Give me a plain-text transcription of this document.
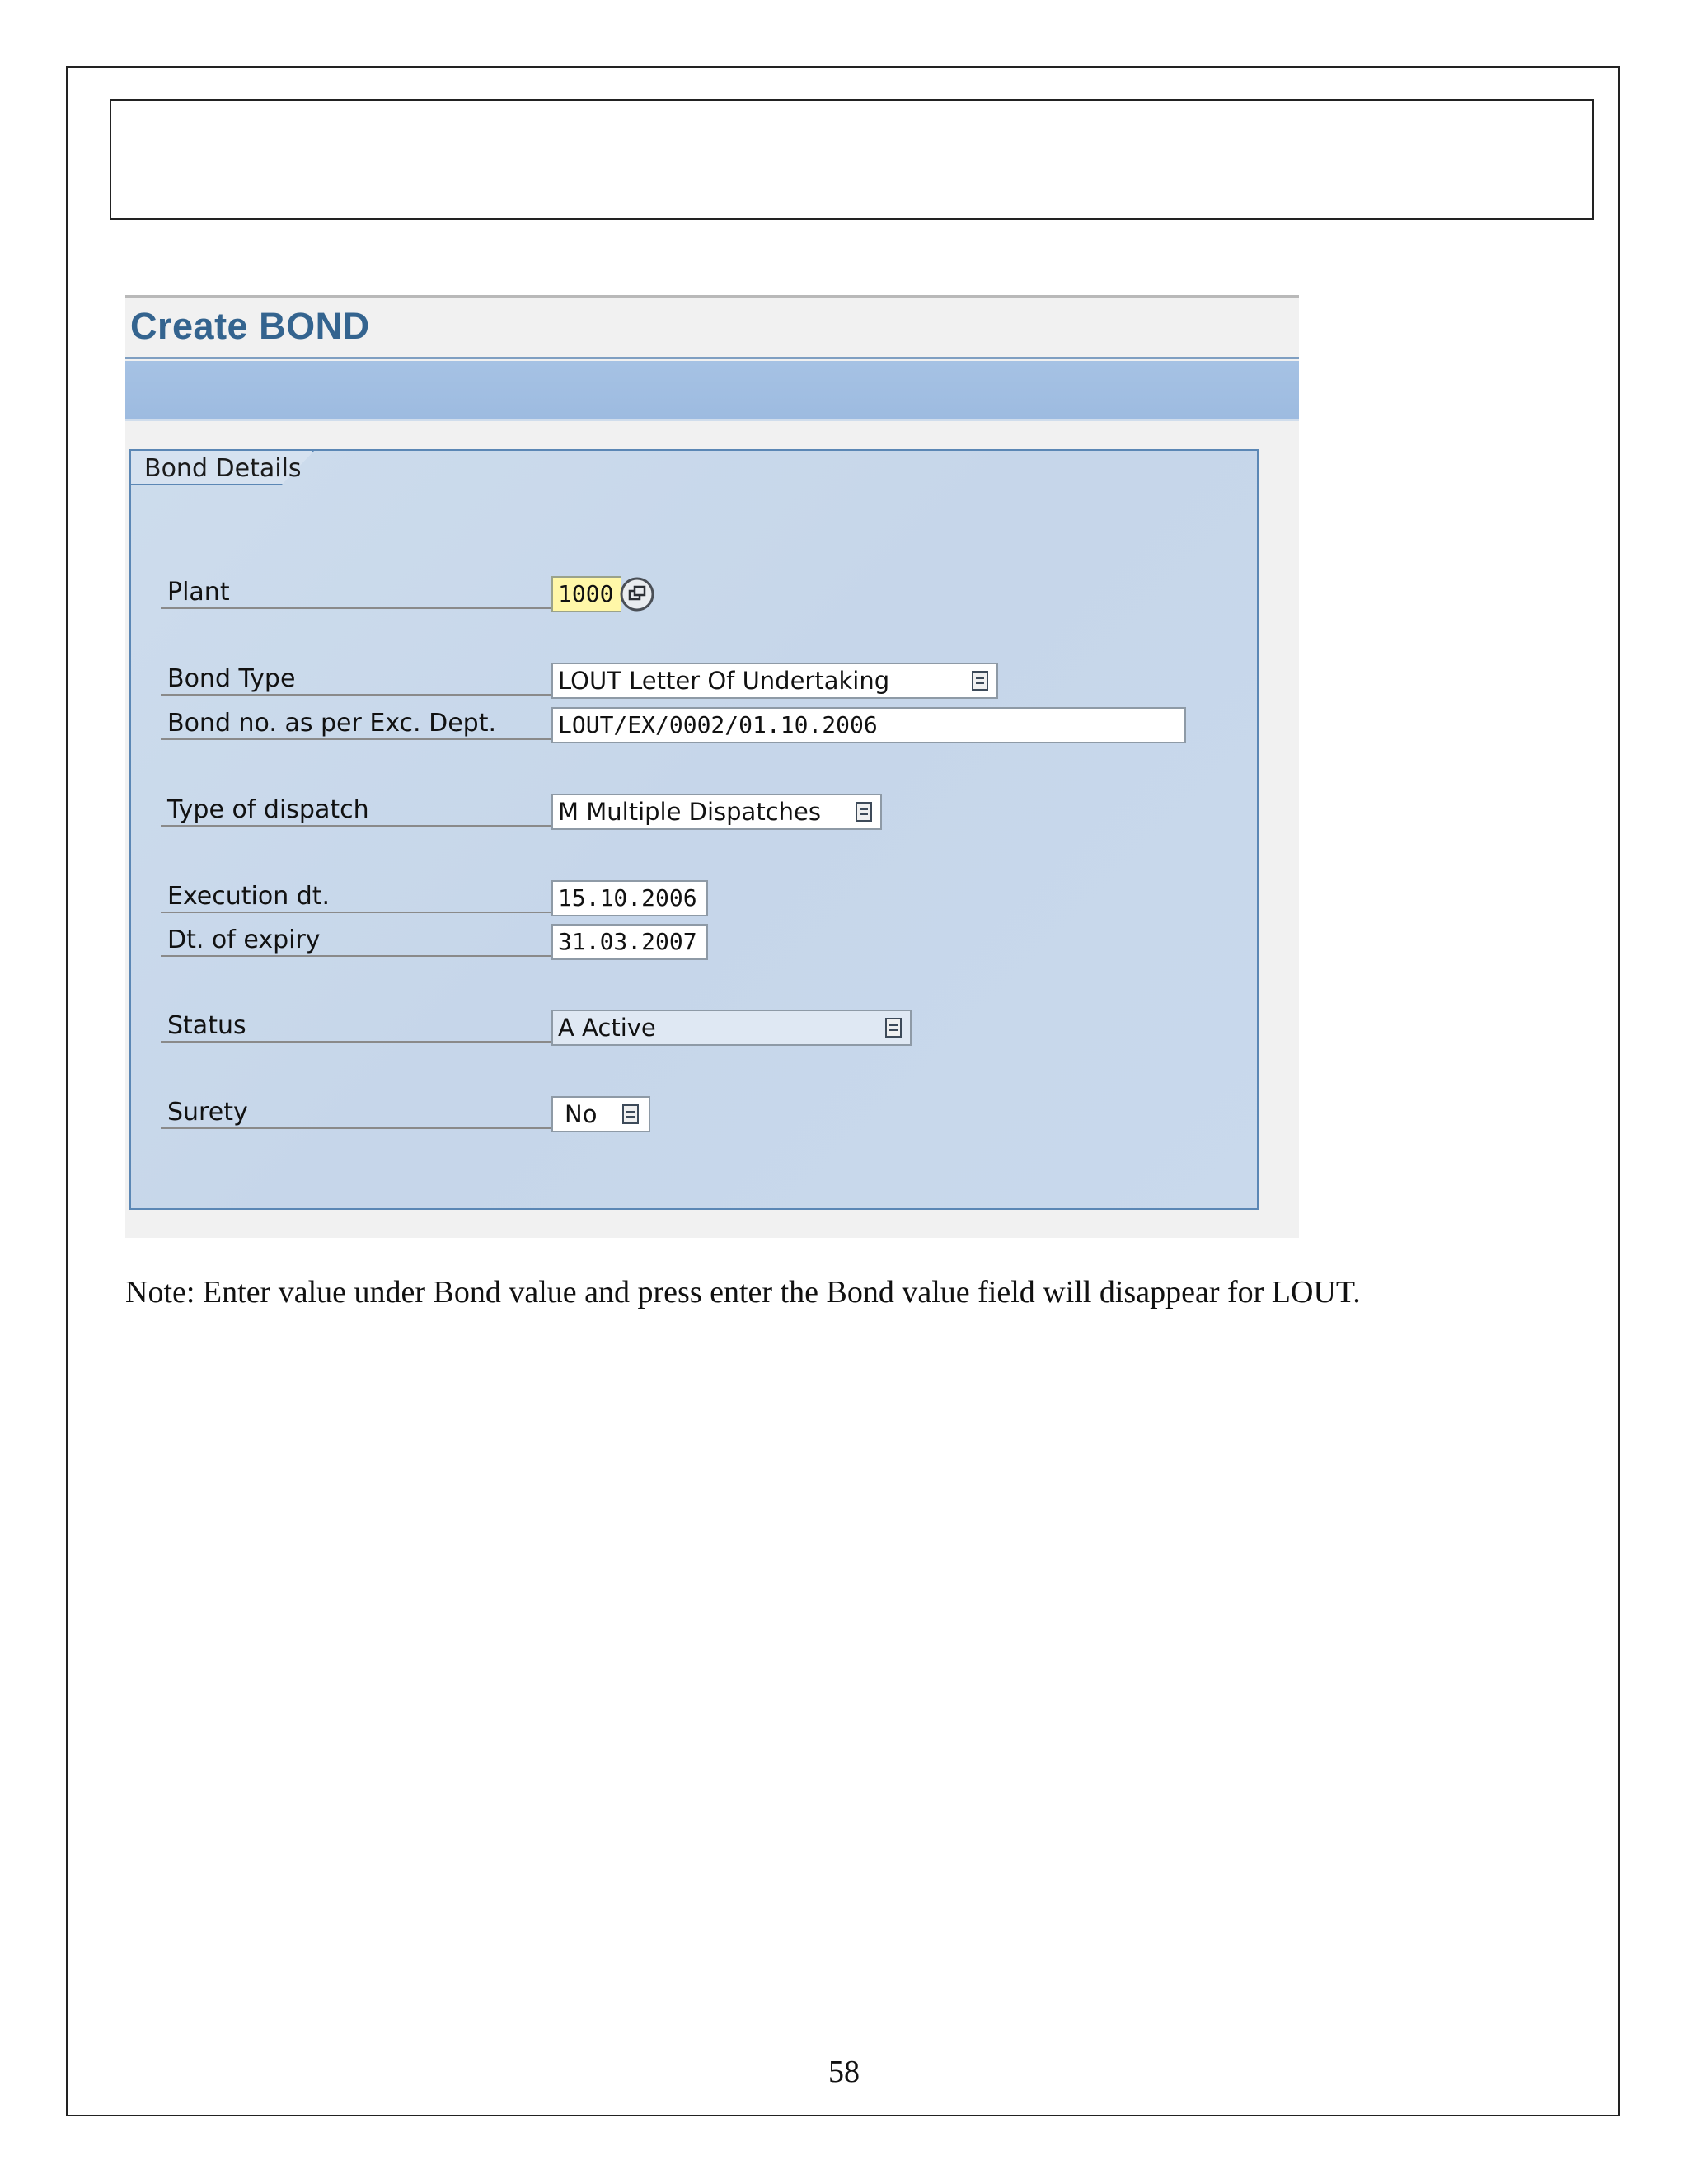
Create BOND
Bond Details
Plant	1000
Bond Type	LOUT Letter Of Undertaking
Bond no. as per Exc. Dept.	LOUT/EX/0002/01.10.2006
Type of dispatch	M Multiple Dispatches
Execution dt.	15.10.2006
Dt. of expiry	31.03.2007
Status	A Active
Surety	No
Note: Enter value under Bond value and press enter the Bond value field will disappear for LOUT.
58
